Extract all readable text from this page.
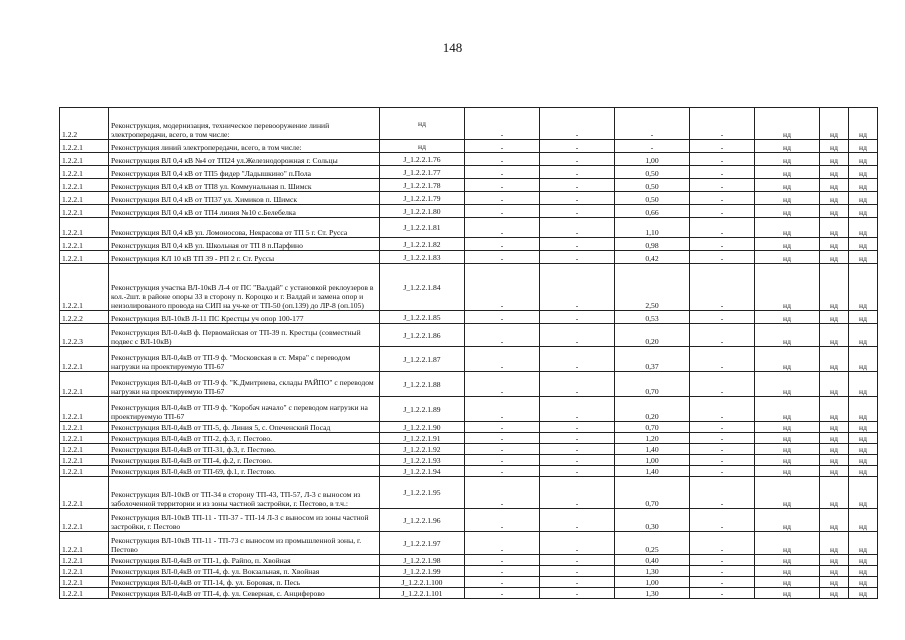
148
1.2.2	Реконструкция, модернизация, техническое перевооружение линий электропередачи, всего, в том числе:	нд	-	-	-	-	нд	нд	нд
1.2.2.1	Реконструкция линий электропередачи, всего, в том числе:	нд	-	-	-	-	нд	нд	нд
1.2.2.1	Реконструкция ВЛ 0,4 кВ №4 от ТП24 ул.Железнодорожная г. Сольцы	J_1.2.2.1.76	-	-	1,00	-	нд	нд	нд
1.2.2.1	Реконструкция ВЛ 0,4 кВ от ТП5 фидер "Ладышкино" п.Пола	J_1.2.2.1.77	-	-	0,50	-	нд	нд	нд
1.2.2.1	Реконструкция ВЛ 0,4 кВ от ТП8 ул. Коммунальная п. Шимск	J_1.2.2.1.78	-	-	0,50	-	нд	нд	нд
1.2.2.1	Реконструкция ВЛ 0,4 кВ от ТП37 ул. Химиков п. Шимск	J_1.2.2.1.79	-	-	0,50	-	нд	нд	нд
1.2.2.1	Реконструкция ВЛ 0,4 кВ от ТП4 линия №10 с.Белебелка	J_1.2.2.1.80	-	-	0,66	-	нд	нд	нд
1.2.2.1	Реконструкция ВЛ 0,4 кВ ул. Ломоносова, Некрасова от ТП 5 г. Ст. Русса	J_1.2.2.1.81	-	-	1,10	-	нд	нд	нд
1.2.2.1	Реконструкция ВЛ 0,4 кВ ул. Школьная от ТП 8 п.Парфино	J_1.2.2.1.82	-	-	0,98	-	нд	нд	нд
1.2.2.1	Реконструкция КЛ 10 кВ ТП 39 - РП 2 г. Ст. Руссы	J_1.2.2.1.83	-	-	0,42	-	нд	нд	нд
1.2.2.1	Реконструкция участка ВЛ-10кВ Л-4 от ПС "Валдай" с установкой реклоузеров в кол.-2шт. в районе опоры 33 в сторону п. Короцко и г. Валдай и замена опор и неизолированого провода на СИП на уч-ке от ТП-50 (оп.139) до ЛР-8 (оп.105)	J_1.2.2.1.84	-	-	2,50	-	нд	нд	нд
1.2.2.2	Реконструкция ВЛ-10кВ Л-11 ПС Крестцы уч опор 100-177	J_1.2.2.1.85	-	-	0,53	-	нд	нд	нд
1.2.2.3	Реконструкция ВЛ-0.4кВ ф. Первомайская от ТП-39 п. Крестцы (совместный подвес с ВЛ-10кВ)	J_1.2.2.1.86	-	-	0,20	-	нд	нд	нд
1.2.2.1	Реконструкция ВЛ-0,4кВ от ТП-9 ф. "Московская в ст. Мяра" с переводом нагрузки на проектируемую ТП-67	J_1.2.2.1.87	-	-	0,37	-	нд	нд	нд
1.2.2.1	Реконструкция ВЛ-0,4кВ от ТП-9 ф. "К.Дмитриева, склады РАЙПО" с переводом нагрузки на проектируемую ТП-67	J_1.2.2.1.88	-	-	0,70	-	нд	нд	нд
1.2.2.1	Реконструкция ВЛ-0,4кВ от ТП-9 ф. "Коробач начало" с переводом нагрузки на проектируемую ТП-67	J_1.2.2.1.89	-	-	0,20	-	нд	нд	нд
1.2.2.1	Реконструкция ВЛ-0,4кВ от ТП-5, ф. Линия 5, с. Опеченский Посад	J_1.2.2.1.90	-	-	0,70	-	нд	нд	нд
1.2.2.1	Реконструкция ВЛ-0,4кВ от ТП-2, ф.3, г. Пестово.	J_1.2.2.1.91	-	-	1,20	-	нд	нд	нд
1.2.2.1	Реконструкция ВЛ-0,4кВ от ТП-31, ф.3, г. Пестово.	J_1.2.2.1.92	-	-	1,40	-	нд	нд	нд
1.2.2.1	Реконструкция ВЛ-0,4кВ от ТП-4, ф.2, г. Пестово.	J_1.2.2.1.93	-	-	1,00	-	нд	нд	нд
1.2.2.1	Реконструкция ВЛ-0,4кВ от ТП-69, ф.1, г. Пестово.	J_1.2.2.1.94	-	-	1,40	-	нд	нд	нд
1.2.2.1	Реконструкция ВЛ-10кВ от ТП-34 в сторону ТП-43, ТП-57, Л-3 с выносом из заболоченной территории и из зоны частной застройки, г. Пестово, в т.ч.:	J_1.2.2.1.95	-	-	0,70	-	нд	нд	нд
1.2.2.1	Реконструкция ВЛ-10кВ ТП-11 - ТП-37 - ТП-14 Л-3 с выносом из зоны частной застройки, г. Пестово	J_1.2.2.1.96	-	-	0,30	-	нд	нд	нд
1.2.2.1	Реконструкция ВЛ-10кВ ТП-11 - ТП-73 с выносом из промышленной зоны, г. Пестово	J_1.2.2.1.97	-	-	0,25	-	нд	нд	нд
1.2.2.1	Реконструкция ВЛ-0,4кВ от ТП-1, ф. Райпо, п. Хвойная	J_1.2.2.1.98	-	-	0,40	-	нд	нд	нд
1.2.2.1	Реконструкция ВЛ-0,4кВ от ТП-4, ф. ул. Вокзальная, п. Хвойная	J_1.2.2.1.99	-	-	1,30	-	нд	нд	нд
1.2.2.1	Реконструкция ВЛ-0,4кВ от ТП-14, ф. ул. Боровая, п. Песь	J_1.2.2.1.100	-	-	1,00	-	нд	нд	нд
1.2.2.1	Реконструкция ВЛ-0,4кВ от ТП-4, ф. ул. Северная, с. Анциферово	J_1.2.2.1.101	-	-	1,30	-	нд	нд	нд
